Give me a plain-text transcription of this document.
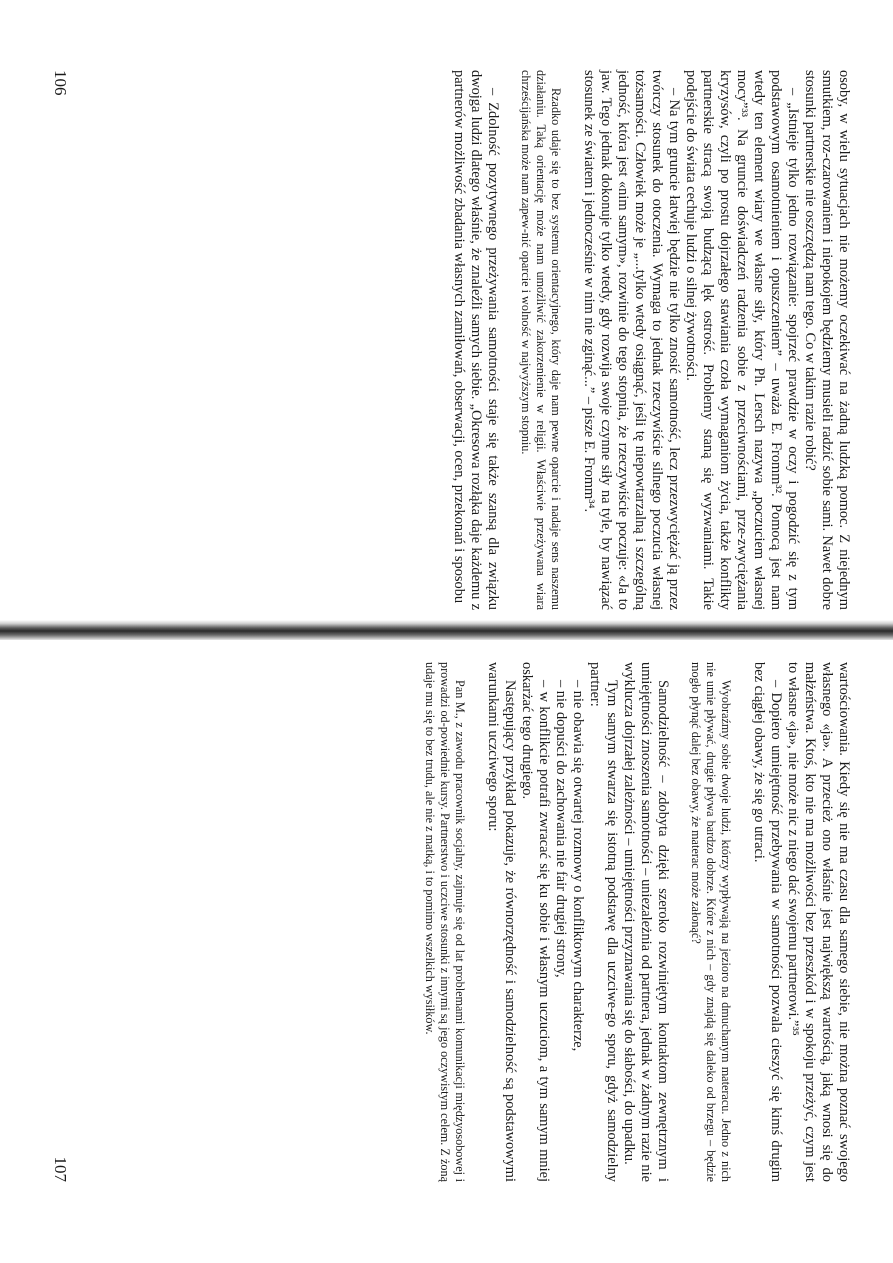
osoby, w wielu sytuacjach nie możemy oczekiwać na żadną ludzką pomoc. Z niejednym smutkiem, roz-czarowaniem i niepokojem będziemy musieli radzić sobie sami. Nawet dobre stosunki partnerskie nie oszczędzą nam tego. Co w takim razie robić?

– „Istnieje tylko jedno rozwiązanie: spojrzeć prawdzie w oczy i pogodzić się z tym podstawowym osamotnieniem i opuszczeniem” – uważa E. Fromm³². Pomocą jest nam wtedy ten element wiary we własne siły, który Ph. Lersch nazywa „poczuciem własnej mocy”³³. Na gruncie doświadczeń radzenia sobie z przeciwnościami, prze-zwyciężania kryzysów, czyli po prostu dojrzałego stawiania czoła wymaganiom życia, także konflikty partnerskie stracą swoją budzącą lęk ostrość. Problemy staną się wyzwaniami. Takie podejście do świata cechuje ludzi o silnej żywotności.

– Na tym gruncie łatwiej będzie nie tylko znosić samotność, lecz przezwyciężać ją przez twórczy stosunek do otoczenia. Wymaga to jednak rzeczywiście silnego poczucia własnej tożsamości. Człowiek może je „...tylko wtedy osiągnąć, jeśli tę niepowtarzalną i szczególną jedność, która jest «nim samym», rozwinie do tego stopnia, że rzeczywiście poczuje: «Ja to jaw. Tego jednak dokonuje tylko wtedy, gdy rozwija swoje czynne siły na tyle, by nawiązać stosunek ze światem i jednocześnie w nim nie zginąć...” – pisze E. Fromm³⁴.

Rzadko udaje się to bez systemu orientacyjnego, który daje nam pewne oparcie i nadaje sens naszemu działaniu. Taką orientację może nam umożliwić zakorzenienie w religii. Właściwie przeżywana wiara chrześcijańska może nam zapew-nić oparcie i wolność w najwyższym stopniu.

– Zdolność pozytywnego przeżywania samotności staje się także szansą dla związku dwojga ludzi dlatego właśnie, że znaleźli samych siebie. „Okresowa rozłąka daje każdemu z partnerów możliwość zbadania własnych zamiłowań, obserwacji, ocen, przekonań i sposobu

106

wartościowania. Kiedy się nie ma czasu dla samego siebie, nie można poznać swojego własnego «ja». A przecież ono właśnie jest największą wartością, jaką wnosi się do małżeństwa. Ktoś, kto nie ma możliwości bez przeszkód i w spokoju przeżyć, czym jest to własne «ja», nie może nic z niego dać swojemu partnerowi.”³⁵

– Dopiero umiejętność przebywania w samotności pozwala cieszyć się kimś drugim bez ciągłej obawy, że się go utraci.

Wyobraźmy sobie dwoje ludzi, którzy wypływają na jezioro na dmuchanym materacu. Jedno z nich nie umie pływać, drugie pływa bardzo dobrze. Które z nich – gdy znajdą się daleko od brzegu – będzie mogło płynąć dalej bez obawy, że materac może załonąć?

Samodzielność – zdobyta dzięki szeroko rozwiniętym kontaktom zewnętrznym i umiejętności znoszenia samotności – uniezależnia od partnera, jednak w żadnym razie nie wyklucza dojrzałej zależności – umiejętności przyznawania się do słabości, do upadku.

Tym samym stwarza się istotną podstawę dla uczciwe-go sporu, gdyż samodzielny partner:

– nie obawia się otwartej rozmowy o konfliktowym charakterze,

– nie dopuści do zachowania nie fair drugiej strony,

– w konflikcie potrafi zwracać się ku sobie i własnym uczuciom, a tym samym mniej oskarżać tego drugiego.

Następujący przykład pokazuje, że równorzędność i samodzielność są podstawowymi warunkami uczciwego sporu:

Pan M., z zawodu pracownik socjalny, zajmuje się od lat problemami komunikacji międzyosobowej i prowadzi od-powiednie kursy. Partnerstwo i uczciwe stosunki z innymi są jego oczywistym celem. Z żoną udaje mu się to bez trudu, ale nie z matką, i to pomimo wszelkich wysiłków.

107
